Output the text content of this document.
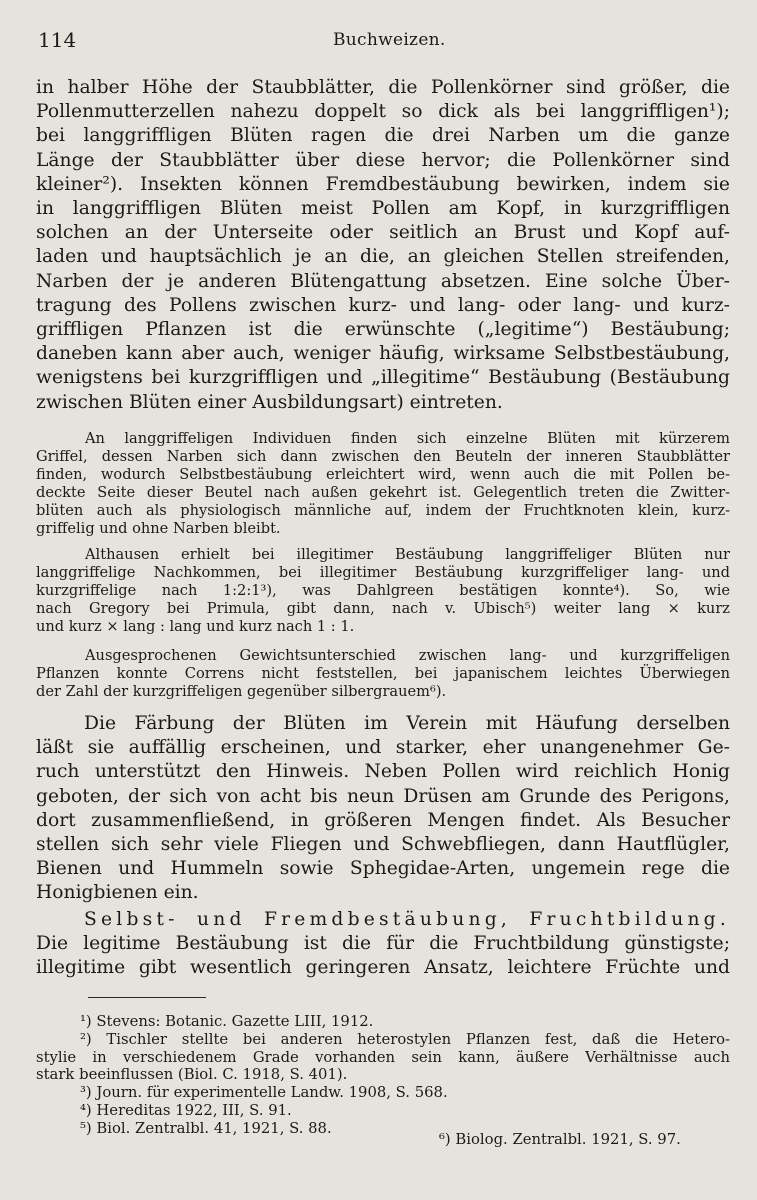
114	Buchweizen.
in halber Höhe der Staubblätter, die Pollenkörner sind größer, die
Pollenmutterzellen nahezu doppelt so dick als bei langgriffligen¹);
bei langgriffligen Blüten ragen die drei Narben um die ganze
Länge der Staubblätter über diese hervor; die Pollenkörner sind
kleiner²). Insekten können Fremdbestäubung bewirken, indem sie
in langgriffligen Blüten meist Pollen am Kopf, in kurzgriffligen
solchen an der Unterseite oder seitlich an Brust und Kopf auf-
laden und hauptsächlich je an die, an gleichen Stellen streifenden,
Narben der je anderen Blütengattung absetzen. Eine solche Über-
tragung des Pollens zwischen kurz- und lang- oder lang- und kurz-
griffligen Pflanzen ist die erwünschte („legitime“) Bestäubung;
daneben kann aber auch, weniger häufig, wirksame Selbstbestäubung,
wenigstens bei kurzgriffligen und „illegitime“ Bestäubung (Bestäubung
zwischen Blüten einer Ausbildungsart) eintreten.
An langgriffeligen Individuen finden sich einzelne Blüten mit kürzerem
Griffel, dessen Narben sich dann zwischen den Beuteln der inneren Staubblätter
finden, wodurch Selbstbestäubung erleichtert wird, wenn auch die mit Pollen be-
deckte Seite dieser Beutel nach außen gekehrt ist. Gelegentlich treten die Zwitter-
blüten auch als physiologisch männliche auf, indem der Fruchtknoten klein, kurz-
griffelig und ohne Narben bleibt.
Althausen erhielt bei illegitimer Bestäubung langgriffeliger Blüten nur
langgriffelige Nachkommen, bei illegitimer Bestäubung kurzgriffeliger lang- und
kurzgriffelige nach 1:2:1³), was Dahlgreen bestätigen konnte⁴). So, wie
nach Gregory bei Primula, gibt dann, nach v. Ubisch⁵) weiter lang × kurz
und kurz × lang : lang und kurz nach 1 : 1.
Ausgesprochenen Gewichtsunterschied zwischen lang- und kurzgriffeligen
Pflanzen konnte Correns nicht feststellen, bei japanischem leichtes Überwiegen
der Zahl der kurzgriffeligen gegenüber silbergrauem⁶).
Die Färbung der Blüten im Verein mit Häufung derselben
läßt sie auffällig erscheinen, und starker, eher unangenehmer Ge-
ruch unterstützt den Hinweis. Neben Pollen wird reichlich Honig
geboten, der sich von acht bis neun Drüsen am Grunde des Perigons,
dort zusammenfließend, in größeren Mengen findet. Als Besucher
stellen sich sehr viele Fliegen und Schwebfliegen, dann Hautflügler,
Bienen und Hummeln sowie Sphegidae-Arten, ungemein rege die
Honigbienen ein.
Selbst- und Fremdbestäubung, Fruchtbildung.
Die legitime Bestäubung ist die für die Fruchtbildung günstigste;
illegitime gibt wesentlich geringeren Ansatz, leichtere Früchte und
¹) Stevens: Botanic. Gazette LIII, 1912.
²) Tischler stellte bei anderen heterostylen Pflanzen fest, daß die Hetero-
stylie in verschiedenem Grade vorhanden sein kann, äußere Verhältnisse auch
stark beeinflussen (Biol. C. 1918, S. 401).
³) Journ. für experimentelle Landw. 1908, S. 568.
⁴) Hereditas 1922, III, S. 91.
⁵) Biol. Zentralbl. 41, 1921, S. 88.
⁶) Biolog. Zentralbl. 1921, S. 97.
